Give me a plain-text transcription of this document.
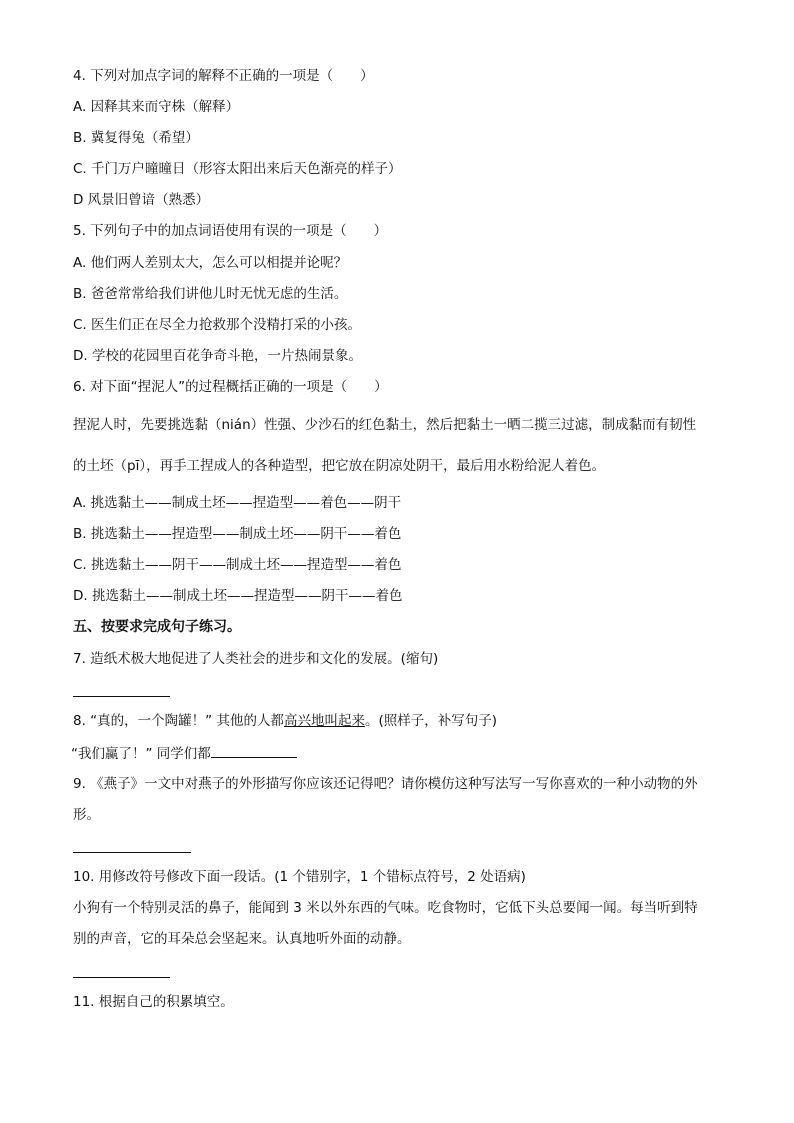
4. 下列对加点字词的解释不正确的一项是（　　）
A. 因释其来而守株（解释）
B. 冀复得兔（希望）
C. 千门万户曈曈日（形容太阳出来后天色渐亮的样子）
D 风景旧曾谙（熟悉）
5. 下列句子中的加点词语使用有误的一项是（　　）
A. 他们两人差别太大，怎么可以相提并论呢？
B. 爸爸常常给我们讲他儿时无忧无虑的生活。
C. 医生们正在尽全力抢救那个没精打采的小孩。
D. 学校的花园里百花争奇斗艳，一片热闹景象。
6. 对下面“捏泥人”的过程概括正确的一项是（　　）
捏泥人时，先要挑选黏（nián）性强、少沙石的红色黏土，然后把黏土一晒二揽三过滤，制成黏而有韧性
的土坯（pī），再手工捏成人的各种造型，把它放在阴凉处阴干，最后用水粉给泥人着色。
A. 挑选黏土——制成土坯——捏造型——着色——阴干
B. 挑选黏土——捏造型——制成土坯——阴干——着色
C. 挑选黏土——阴干——制成土坯——捏造型——着色
D. 挑选黏土——制成土坯——捏造型——阴干——着色
五、按要求完成句子练习。
7. 造纸术极大地促进了人类社会的进步和文化的发展。(缩句)
8. “真的，一个陶罐！” 其他的人都高兴地叫起来。(照样子，补写句子)
“我们赢了！” 同学们都
9. 《燕子》一文中对燕子的外形描写你应该还记得吧？请你模仿这种写法写一写你喜欢的一种小动物的外
形。
10. 用修改符号修改下面一段话。(1 个错别字，1 个错标点符号，2 处语病)
小狗有一个特别灵活的鼻子，能闻到 3 米以外东西的气味。吃食物时，它低下头总要闻一闻。每当听到特
别的声音，它的耳朵总会坚起来。认真地听外面的动静。
11. 根据自己的积累填空。
